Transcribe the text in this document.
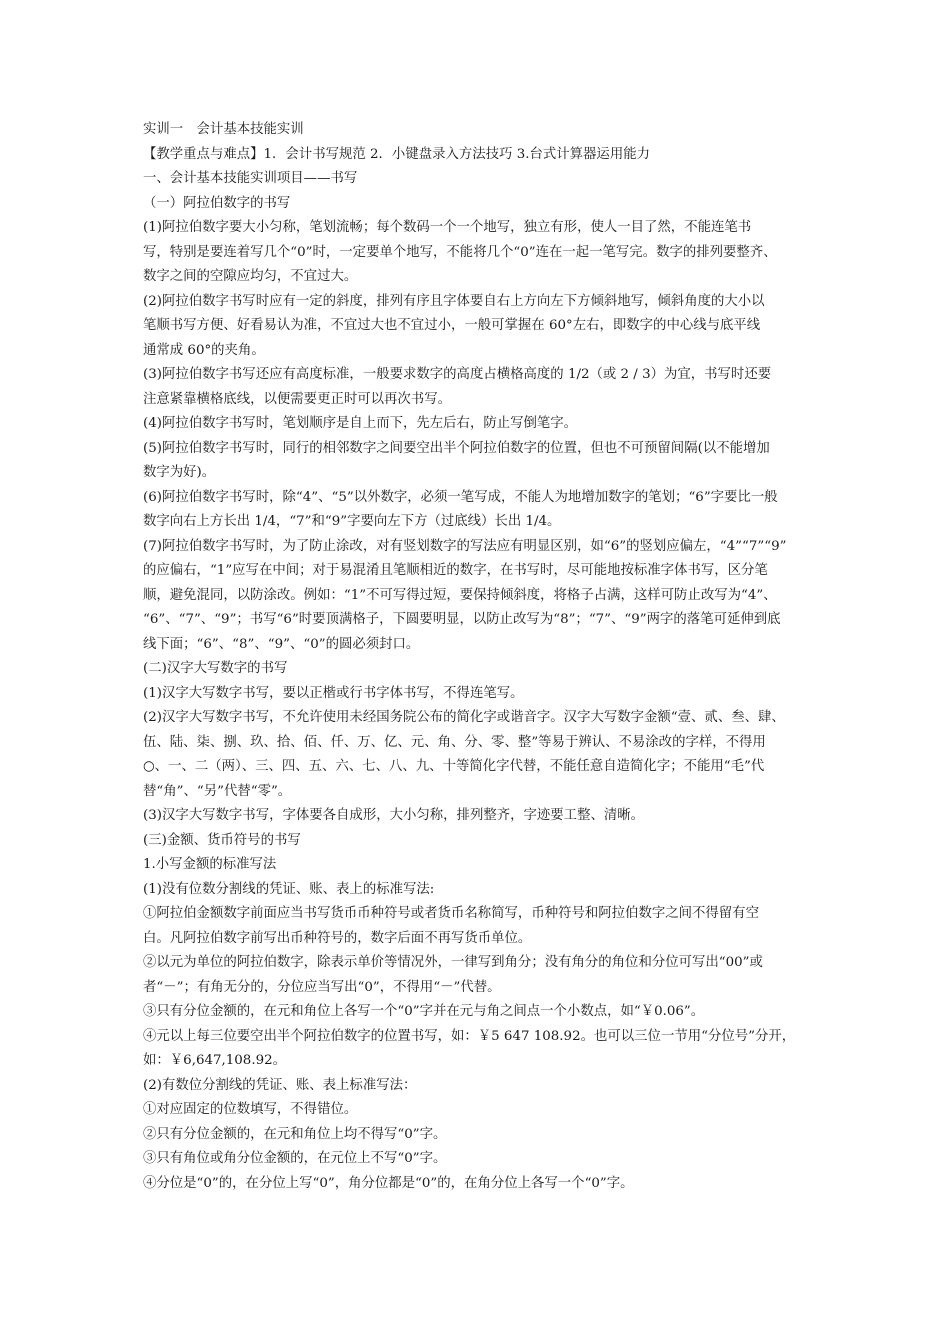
实训一　会计基本技能实训
【教学重点与难点】1．会计书写规范 2．小键盘录入方法技巧 3.台式计算器运用能力
一、会计基本技能实训项目——书写
（一）阿拉伯数字的书写
(1)阿拉伯数字要大小匀称，笔划流畅；每个数码一个一个地写，独立有形，使人一目了然，不能连笔书
写，特别是要连着写几个“0”时，一定要单个地写，不能将几个“0”连在一起一笔写完。数字的排列要整齐、
数字之间的空隙应均匀，不宜过大。
(2)阿拉伯数字书写时应有一定的斜度，排列有序且字体要自右上方向左下方倾斜地写，倾斜角度的大小以
笔顺书写方便、好看易认为准，不宜过大也不宜过小，一般可掌握在 60°左右，即数字的中心线与底平线
通常成 60°的夹角。
(3)阿拉伯数字书写还应有高度标准，一般要求数字的高度占横格高度的 1/2（或 2 / 3）为宜，书写时还要
注意紧靠横格底线，以便需要更正时可以再次书写。
(4)阿拉伯数字书写时，笔划顺序是自上而下，先左后右，防止写倒笔字。
(5)阿拉伯数字书写时，同行的相邻数字之间要空出半个阿拉伯数字的位置，但也不可预留间隔(以不能增加
数字为好)。
(6)阿拉伯数字书写时，除“4”、“5”以外数字，必须一笔写成，不能人为地增加数字的笔划；“6”字要比一般
数字向右上方长出 1/4，“7”和“9”字要向左下方（过底线）长出 1/4。
(7)阿拉伯数字书写时，为了防止涂改，对有竖划数字的写法应有明显区别，如“6”的竖划应偏左，“4”“7”“9”
的应偏右，“1”应写在中间；对于易混淆且笔顺相近的数字，在书写时，尽可能地按标准字体书写，区分笔
顺，避免混同，以防涂改。例如：“1”不可写得过短，要保持倾斜度，将格子占满，这样可防止改写为“4”、
“6”、“7”、“9”；书写“6”时要顶满格子，下圆要明显，以防止改写为“8”；“7”、“9”两字的落笔可延伸到底
线下面；“6”、“8”、“9”、“0”的圆必须封口。
(二)汉字大写数字的书写
(1)汉字大写数字书写，要以正楷或行书字体书写，不得连笔写。
(2)汉字大写数字书写，不允许使用未经国务院公布的简化字或谐音字。汉字大写数字金额“壹、贰、叁、肆、
伍、陆、柒、捌、玖、拾、佰、仟、万、亿、元、角、分、零、整”等易于辨认、不易涂改的字样，不得用
○、一、二（两）、三、四、五、六、七、八、九、十等简化字代替，不能任意自造简化字；不能用“毛”代
替“角”、“另”代替“零”。
(3)汉字大写数字书写，字体要各自成形，大小匀称，排列整齐，字迹要工整、清晰。
(三)金额、货币符号的书写
1.小写金额的标准写法
(1)没有位数分割线的凭证、账、表上的标准写法:
①阿拉伯金额数字前面应当书写货币币种符号或者货币名称简写，币种符号和阿拉伯数字之间不得留有空
白。凡阿拉伯数字前写出币种符号的，数字后面不再写货币单位。
②以元为单位的阿拉伯数字，除表示单价等情况外，一律写到角分；没有角分的角位和分位可写出“00”或
者“－”；有角无分的，分位应当写出“0”，不得用“－”代替。
③只有分位金额的，在元和角位上各写一个“0”字并在元与角之间点一个小数点，如“￥0.06”。
④元以上每三位要空出半个阿拉伯数字的位置书写，如：￥5 647 108.92。也可以三位一节用“分位号”分开，
如：￥6,647,108.92。
(2)有数位分割线的凭证、账、表上标准写法：
①对应固定的位数填写，不得错位。
②只有分位金额的，在元和角位上均不得写“0”字。
③只有角位或角分位金额的，在元位上不写“0”字。
④分位是“0”的，在分位上写“0”，角分位都是“0”的，在角分位上各写一个“0”字。
